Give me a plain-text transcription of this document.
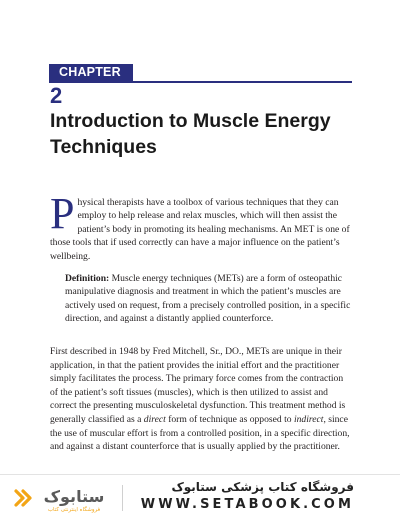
CHAPTER
2
Introduction to Muscle Energy Techniques
P hysical therapists have a toolbox of various techniques that they can employ to help release and relax muscles, which will then assist the patient’s body in promoting its healing mechanisms. An MET is one of those tools that if used correctly can have a major influence on the patient’s wellbeing.
Definition: Muscle energy techniques (METs) are a form of osteopathic manipulative diagnosis and treatment in which the patient’s muscles are actively used on request, from a precisely controlled position, in a specific direction, and against a distantly applied counterforce.
First described in 1948 by Fred Mitchell, Sr., DO., METs are unique in their application, in that the patient provides the initial effort and the practitioner simply facilitates the process. The primary force comes from the contraction of the patient’s soft tissues (muscles), which is then utilized to assist and correct the presenting musculoskeletal dysfunction. This treatment method is generally classified as a direct form of technique as opposed to indirect, since the use of muscular effort is from a controlled position, in a specific direction, and against a distant counterforce that is usually applied by the practitioner.
ستابوک
فروشگاه اینترنتی کتاب
فروشگاه کتاب پزشکی ستابوک
WWW.SETABOOK.COM
